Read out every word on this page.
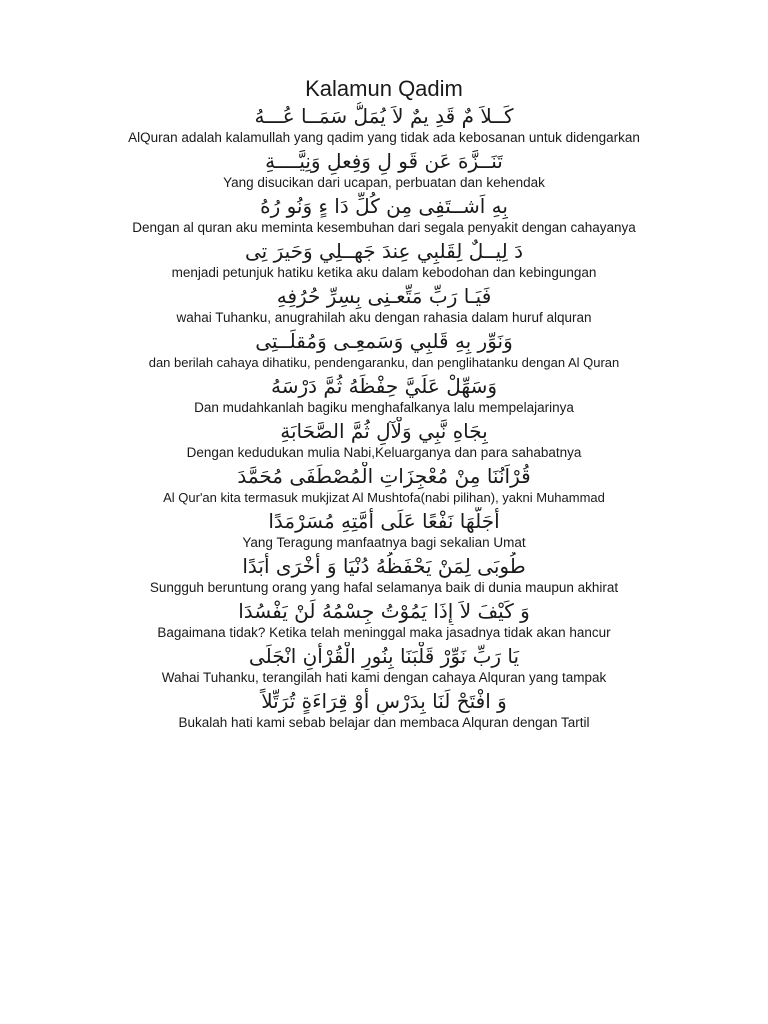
Kalamun Qadim
كَــلاَ مٌ قَدِ يمٌ لاَ يُمَلُّ سَمَــا عُـــهُ
AlQuran adalah kalamullah yang qadim yang tidak ada kebosanan untuk didengarkan
تَنَــزَّهَ عَن قَو لٍ وَفِعلٍ وَنِيَّــــةِ
Yang disucikan dari ucapan, perbuatan dan kehendak
بِهِ اَشــتَفِى مِن كُلِّ دَا ءٍ وَنُو رُهُ
Dengan al quran aku meminta kesembuhan dari segala penyakit dengan cahayanya
دَ لِيــلٌ لِقَلبِي عِندَ جَهــلِي وَحَيرَ تِى
menjadi petunjuk hatiku ketika aku dalam kebodohan dan kebingungan
فَيَـا رَبِّ مَتِّعـنِى بِسِرِّ حُرُفِهِ
wahai Tuhanku, anugrahilah aku dengan rahasia dalam huruf alquran
وَنَوِّر بِهِ قَلبِي وَسَمعِـى وَمُقلَــتِى
dan berilah cahaya dihatiku, pendengaranku, dan penglihatanku dengan Al Quran
وَسَهِّلْ عَلَيَّ حِفْظَهُ ثُمَّ دَرْسَهُ
Dan mudahkanlah bagiku menghafalkanya lalu mempelajarinya
بِجَاهِ نَّبِي وَلْآلِ ثُمَّ الصَّحَابَةِ
Dengan kedudukan mulia Nabi,Keluarganya dan para sahabatnya
قُرْاَنُنَا مِنْ مُعْجِزَاتِ الْمُصْطَفَى مُحَمَّدَ
Al Qur'an kita termasuk mukjizat Al Mushtofa(nabi pilihan), yakni Muhammad
أَجَلُّهَا نَفْعًا عَلَى أُمَّتِهِ مُسَرْمَدًا
Yang Teragung manfaatnya bagi sekalian Umat
طُوبَى لِمَنْ يَحْفَظُهُ دُنْيَا وَ أُخْرَى أَبَدًا
Sungguh beruntung orang yang hafal selamanya baik di dunia maupun akhirat
وَ كَيْفَ لاَ إِذَا يَمُوْتُ جِسْمُهُ لَنْ يَفْسُدَا
Bagaimana tidak? Ketika telah meninggal maka jasadnya tidak akan hancur
يَا رَبِّ نَوِّرْ قَلْبَنَا بِنُورِ الْقُرْأَنِ انْجَلَى
Wahai Tuhanku, terangilah hati kami dengan cahaya Alquran yang tampak
وَ افْتَحْ لَنَا بِدَرْسٍ أَوْ قِرَاءَةٍ تُرَتِّلاً
Bukalah hati kami sebab belajar dan membaca Alquran dengan Tartil
